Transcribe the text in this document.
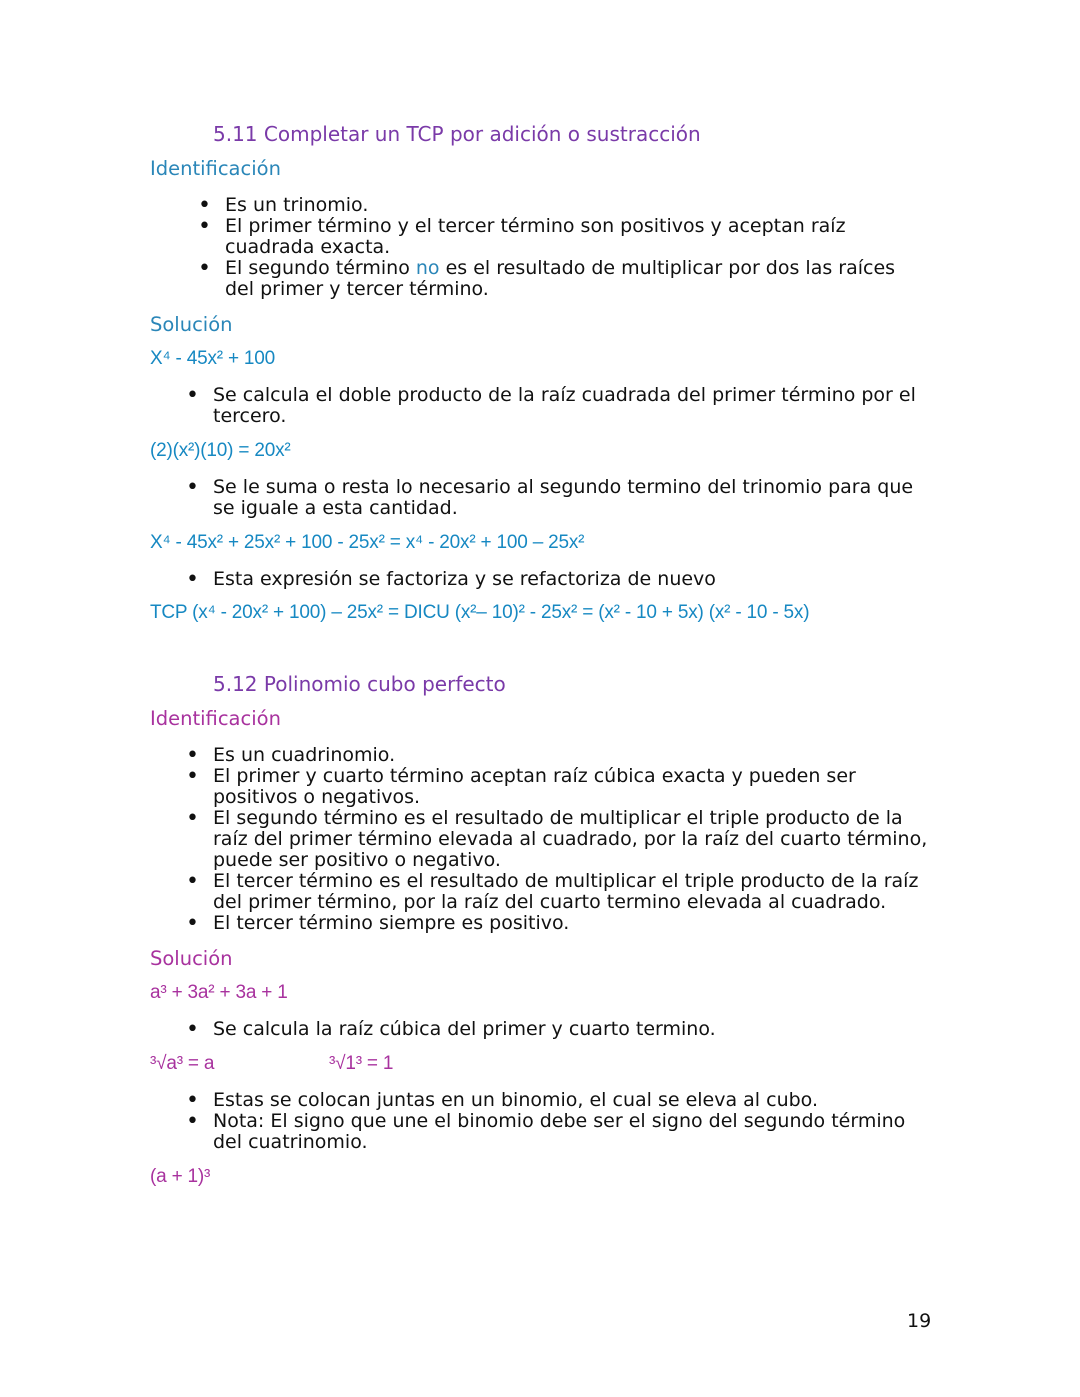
5.11 Completar un TCP por adición o sustracción
Identificación
• Es un trinomio.
• El primer término y el tercer término son positivos y aceptan raíz cuadrada exacta.
• El segundo término no es el resultado de multiplicar por dos las raíces del primer y tercer término.
Solución
X⁴ - 45x² + 100
• Se calcula el doble producto de la raíz cuadrada del primer término por el tercero.
(2)(x²)(10) = 20x²
• Se le suma o resta lo necesario al segundo termino del trinomio para que se iguale a esta cantidad.
X⁴ - 45x² + 25x² + 100 - 25x² = x⁴ - 20x² + 100 – 25x²
• Esta expresión se factoriza y se refactoriza de nuevo
TCP (x⁴ - 20x² + 100) – 25x² = DICU (x²– 10)² - 25x² = (x² - 10 + 5x) (x² - 10 - 5x)
5.12 Polinomio cubo perfecto
Identificación
• Es un cuadrinomio.
• El primer y cuarto término aceptan raíz cúbica exacta y pueden ser positivos o negativos.
• El segundo término es el resultado de multiplicar el triple producto de la raíz del primer término elevada al cuadrado, por la raíz del cuarto término, puede ser positivo o negativo.
• El tercer término es el resultado de multiplicar el triple producto de la raíz del primer término, por la raíz del cuarto termino elevada al cuadrado.
• El tercer término siempre es positivo.
Solución
a³ + 3a² + 3a + 1
• Se calcula la raíz cúbica del primer y cuarto termino.
³√a³ = a	³√1³ = 1
• Estas se colocan juntas en un binomio, el cual se eleva al cubo.
• Nota: El signo que une el binomio debe ser el signo del segundo término del cuatrinomio.
(a + 1)³
19
